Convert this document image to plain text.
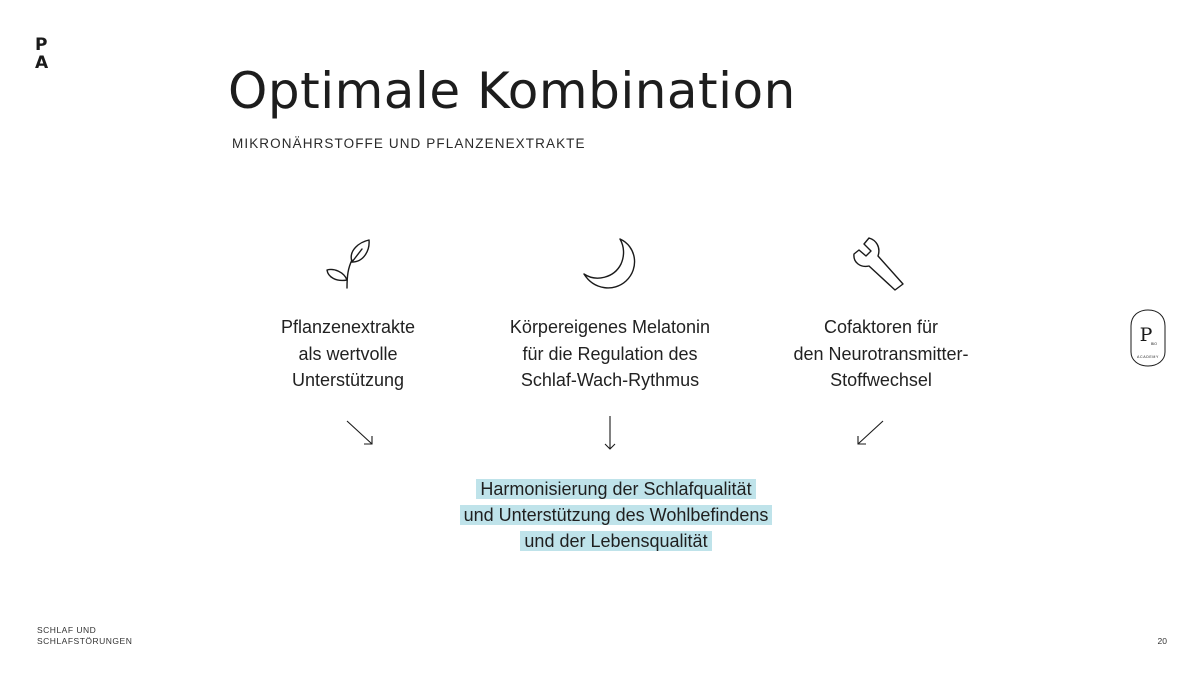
P
A	Optimale Kombination
MIKRONÄHRSTOFFE UND PFLANZENEXTRAKTE
Pflanzenextrakte
als wertvolle
Unterstützung
Körpereigenes Melatonin
für die Regulation des
Schlaf-Wach-Rythmus
Cofaktoren für
den Neurotransmitter-
Stoffwechsel
Harmonisierung der Schlafqualität
und Unterstützung des Wohlbefindens
und der Lebensqualität
P
BIO
ACADEMY
SCHLAF UND
SCHLAFSTÖRUNGEN	20
